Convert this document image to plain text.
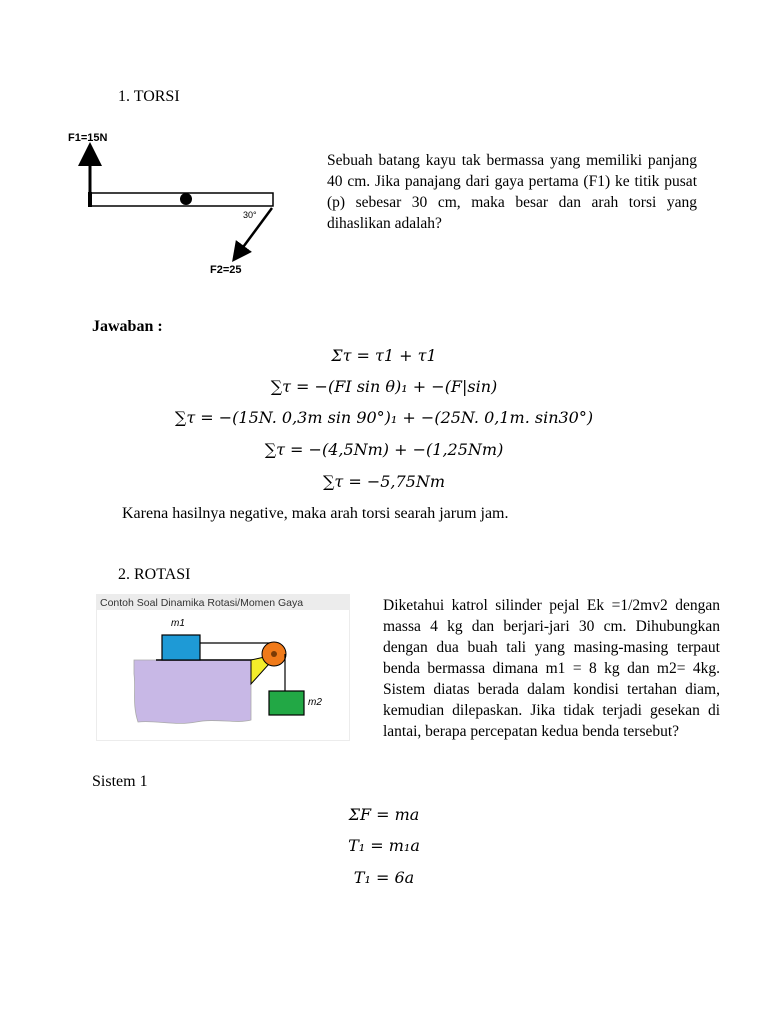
1. TORSI
F1=15N
30°
F2=25
Sebuah batang kayu tak bermassa yang memiliki panjang 40 cm. Jika panajang dari gaya pertama (F1) ke titik pusat (p) sebesar 30 cm, maka besar dan arah torsi yang dihaslikan adalah?
Jawaban :
Στ = τ1 + τ1
∑τ = −(FI sin θ)₁ + −(F|sin)
∑τ = −(15N. 0,3m sin 90°)₁ + −(25N. 0,1m. sin30°)
∑τ = −(4,5Nm) + −(1,25Nm)
∑τ = −5,75Nm
Karena hasilnya negative, maka arah torsi searah jarum jam.
2. ROTASI
Contoh Soal Dinamika Rotasi/Momen Gaya
m1
m2
Diketahui katrol silinder pejal Ek =1/2mv2 dengan massa 4 kg dan berjari-jari 30 cm. Dihubungkan dengan dua buah tali yang masing-masing terpaut benda bermassa dimana m1 = 8 kg dan m2= 4kg. Sistem diatas berada dalam kondisi tertahan diam, kemudian dilepaskan. Jika tidak terjadi gesekan di lantai, berapa percepatan kedua benda tersebut?
Sistem 1
ΣF = ma
T₁ = m₁a
T₁ = 6a
